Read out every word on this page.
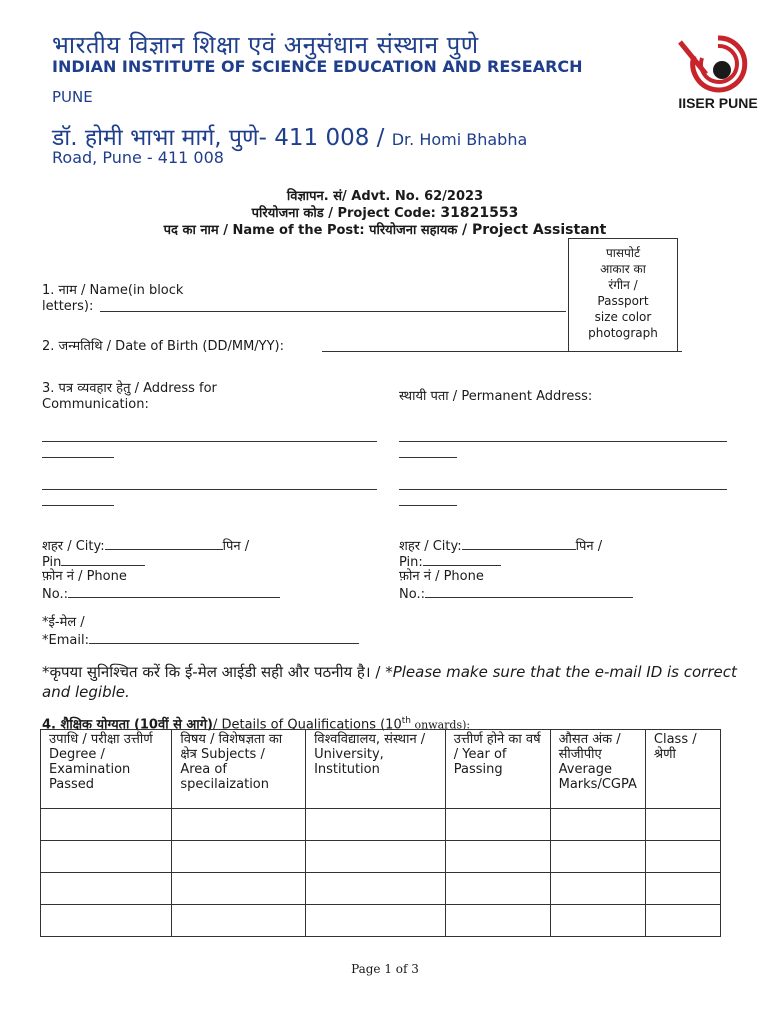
भारतीय विज्ञान शिक्षा एवं अनुसंधान संस्थान पुणे
INDIAN INSTITUTE OF SCIENCE EDUCATION AND RESEARCH
PUNE
डॉ. होमी भाभा मार्ग, पुणे- 411 008 / Dr. Homi Bhabha
Road, Pune - 411 008
IISER PUNE
विज्ञापन. सं/ Advt. No. 62/2023
परियोजना कोड / Project Code: 31821553
पद का नाम / Name of the Post: परियोजना सहायक / Project Assistant
पासपोर्ट
आकार का
रंगीन /
Passport
size color
photograph
1. नाम / Name(in block
letters):
2. जन्मतिथि / Date of Birth (DD/MM/YY):
3. पत्र व्यवहार हेतु / Address for
Communication:
स्थायी पता / Permanent Address:
शहर / City:	पिन /
Pin
फ़ोन नं / Phone
No.:
शहर / City:	पिन /
Pin:
फ़ोन नं / Phone
No.:
*ई-मेल /
*Email:
*कृपया सुनिश्चित करें कि ई-मेल आईडी सही और पठनीय है। / *Please make sure that the e-mail ID is correct and legible.
4. शैक्षिक योग्यता (10वीं से आगे)/ Details of Qualifications (10th onwards):
उपाधि / परीक्षा उत्तीर्ण Degree / Examination Passed	विषय / विशेषज्ञता का क्षेत्र Subjects / Area of specilaization	विश्वविद्यालय, संस्थान / University, Institution	उत्तीर्ण होने का वर्ष / Year of Passing	औसत अंक / सीजीपीए Average Marks/CGPA	Class / श्रेणी

Page 1 of 3
